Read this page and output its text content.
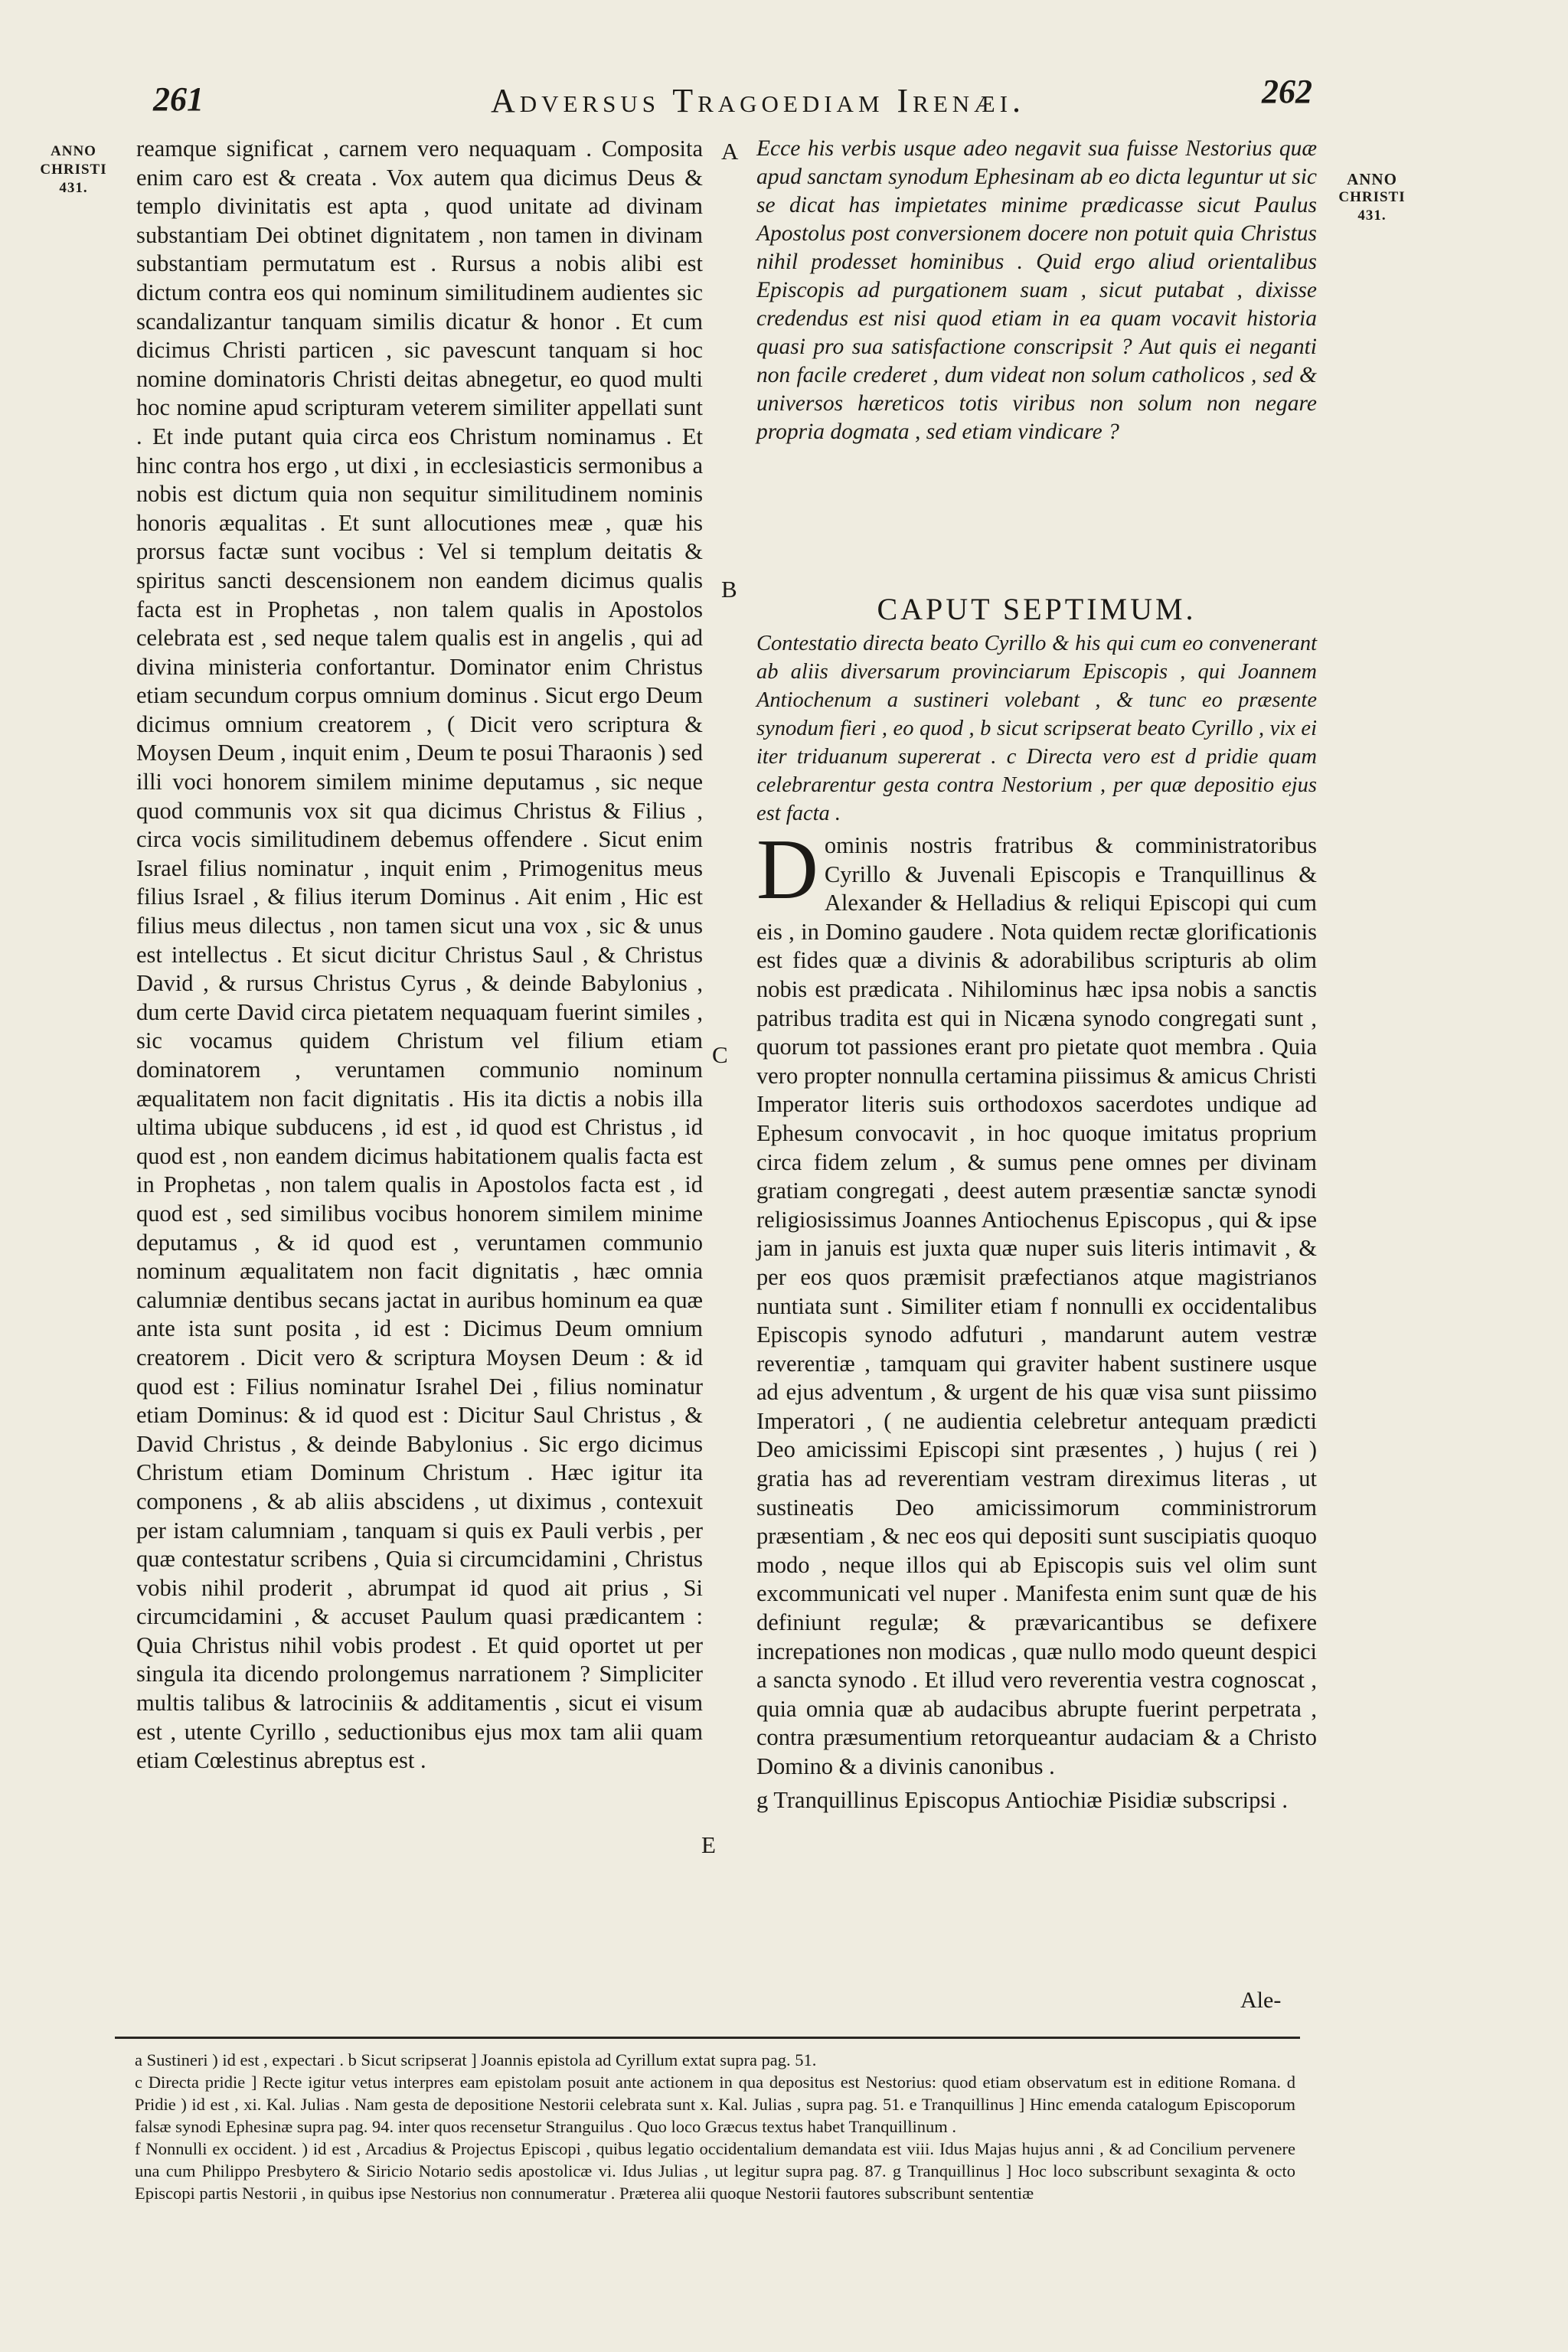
261	Adversus Tragoediam Irenæi.	262
ANNO
CHRISTI
431.	ANNO
CHRISTI
431.
A
B
C
E

reamque significat , carnem vero nequaquam . Composita enim caro est & creata . Vox autem qua dicimus Deus & templo divinitatis est apta , quod unitate ad divinam substantiam Dei obtinet dignitatem , non tamen in divinam substantiam permutatum est . Rursus a nobis alibi est dictum contra eos qui nominum similitudinem audientes sic scandalizantur tanquam similis dicatur & honor . Et cum dicimus Christi particen , sic pavescunt tanquam si hoc nomine dominatoris Christi deitas abnegetur, eo quod multi hoc nomine apud scripturam veterem similiter appellati sunt . Et inde putant quia circa eos Christum nominamus . Et hinc contra hos ergo , ut dixi , in ecclesiasticis sermonibus a nobis est dictum quia non sequitur similitudinem nominis honoris æqualitas . Et sunt allocutiones meæ , quæ his prorsus factæ sunt vocibus : Vel si templum deitatis & spiritus sancti descensionem non eandem dicimus qualis facta est in Prophetas , non talem qualis in Apostolos celebrata est , sed neque talem qualis est in angelis , qui ad divina ministeria confortantur. Dominator enim Christus etiam secundum corpus omnium dominus . Sicut ergo Deum dicimus omnium creatorem , ( Dicit vero scriptura & Moysen Deum , inquit enim , Deum te posui Tharaonis ) sed illi voci honorem similem minime deputamus , sic neque quod communis vox sit qua dicimus Christus & Filius , circa vocis similitudinem debemus offendere . Sicut enim Israel filius nominatur , inquit enim , Primogenitus meus filius Israel , & filius iterum Dominus . Ait enim , Hic est filius meus dilectus , non tamen sicut una vox , sic & unus est intellectus . Et sicut dicitur Christus Saul , & Christus David , & rursus Christus Cyrus , & deinde Babylonius , dum certe David circa pietatem nequaquam fuerint similes , sic vocamus quidem Christum vel filium etiam dominatorem , veruntamen communio nominum æqualitatem non facit dignitatis . His ita dictis a nobis illa ultima ubique subducens , id est , id quod est Christus , id quod est , non eandem dicimus habitationem qualis facta est in Prophetas , non talem qualis in Apostolos facta est , id quod est , sed similibus vocibus honorem similem minime deputamus , & id quod est , veruntamen communio nominum æqualitatem non facit dignitatis , hæc omnia calumniæ dentibus secans jactat in auribus hominum ea quæ ante ista sunt posita , id est : Dicimus Deum omnium creatorem . Dicit vero & scriptura Moysen Deum : & id quod est : Filius nominatur Israhel Dei , filius nominatur etiam Dominus: & id quod est : Dicitur Saul Christus , & David Christus , & deinde Babylonius . Sic ergo dicimus Christum etiam Dominum Christum . Hæc igitur ita componens , & ab aliis abscidens , ut diximus , contexuit per istam calumniam , tanquam si quis ex Pauli verbis , per quæ contestatur scribens , Quia si circumcidamini , Christus vobis nihil proderit , abrumpat id quod ait prius , Si circumcidamini , & accuset Paulum quasi prædicantem : Quia Christus nihil vobis prodest . Et quid oportet ut per singula ita dicendo prolongemus narrationem ? Simpliciter multis talibus & latrociniis & additamentis , sicut ei visum est , utente Cyrillo , seductionibus ejus mox tam alii quam etiam Cœlestinus abreptus est .

Ecce his verbis usque adeo negavit sua fuisse Nestorius quæ apud sanctam synodum Ephesinam ab eo dicta leguntur ut sic se dicat has impietates minime prædicasse sicut Paulus Apostolus post conversionem docere non potuit quia Christus nihil prodesset hominibus . Quid ergo aliud orientalibus Episcopis ad purgationem suam , sicut putabat , dixisse credendus est nisi quod etiam in ea quam vocavit historia quasi pro sua satisfactione conscripsit ? Aut quis ei neganti non facile crederet , dum videat non solum catholicos , sed & universos hæreticos totis viribus non solum non negare propria dogmata , sed etiam vindicare ?

CAPUT SEPTIMUM.

Contestatio directa beato Cyrillo & his qui cum eo convenerant ab aliis diversarum provinciarum Episcopis , qui Joannem Antiochenum a sustineri volebant , & tunc eo præsente synodum fieri , eo quod , b sicut scripserat beato Cyrillo , vix ei iter triduanum supererat . c Directa vero est d pridie quam celebrarentur gesta contra Nestorium , per quæ depositio ejus est facta .

D ominis nostris fratribus & comministratoribus Cyrillo & Juvenali Episcopis e Tranquillinus & Alexander & Helladius & reliqui Episcopi qui cum eis , in Domino gaudere . Nota quidem rectæ glorificationis est fides quæ a divinis & adorabilibus scripturis ab olim nobis est prædicata . Nihilominus hæc ipsa nobis a sanctis patribus tradita est qui in Nicæna synodo congregati sunt , quorum tot passiones erant pro pietate quot membra . Quia vero propter nonnulla certamina piissimus & amicus Christi Imperator literis suis orthodoxos sacerdotes undique ad Ephesum convocavit , in hoc quoque imitatus proprium circa fidem zelum , & sumus pene omnes per divinam gratiam congregati , deest autem præsentiæ sanctæ synodi religiosissimus Joannes Antiochenus Episcopus , qui & ipse jam in januis est juxta quæ nuper suis literis intimavit , & per eos quos præmisit præfectianos atque magistrianos nuntiata sunt . Similiter etiam f nonnulli ex occidentalibus Episcopis synodo adfuturi , mandarunt autem vestræ reverentiæ , tamquam qui graviter habent sustinere usque ad ejus adventum , & urgent de his quæ visa sunt piissimo Imperatori , ( ne audientia celebretur antequam prædicti Deo amicissimi Episcopi sint præsentes , ) hujus ( rei ) gratia has ad reverentiam vestram direximus literas , ut sustineatis Deo amicissimorum comministrorum præsentiam , & nec eos qui depositi sunt suscipiatis quoquo modo , neque illos qui ab Episcopis suis vel olim sunt excommunicati vel nuper . Manifesta enim sunt quæ de his definiunt regulæ; & prævaricantibus se defixere increpationes non modicas , quæ nullo modo queunt despici a sancta synodo . Et illud vero reverentia vestra cognoscat , quia omnia quæ ab audacibus abrupte fuerint perpetrata , contra præsumentium retorqueantur audaciam & a Christo Domino & a divinis canonibus .

g Tranquillinus Episcopus Antiochiæ Pisidiæ subscripsi .

Ale-

a Sustineri ) id est , expectari . b Sicut scripserat ] Joannis epistola ad Cyrillum extat supra pag. 51.

c Directa pridie ] Recte igitur vetus interpres eam epistolam posuit ante actionem in qua depositus est Nestorius: quod etiam observatum est in editione Romana. d Pridie ) id est , xi. Kal. Julias . Nam gesta de depositione Nestorii celebrata sunt x. Kal. Julias , supra pag. 51. e Tranquillinus ] Hinc emenda catalogum Episcoporum falsæ synodi Ephesinæ supra pag. 94. inter quos recensetur Stranguilus . Quo loco Græcus textus habet Tranquillinum .

f Nonnulli ex occident. ) id est , Arcadius & Projectus Episcopi , quibus legatio occidentalium demandata est viii. Idus Majas hujus anni , & ad Concilium pervenere una cum Philippo Presbytero & Siricio Notario sedis apostolicæ vi. Idus Julias , ut legitur supra pag. 87. g Tranquillinus ] Hoc loco subscribunt sexaginta & octo Episcopi partis Nestorii , in quibus ipse Nestorius non connumeratur . Præterea alii quoque Nestorii fautores subscribunt sententiæ
